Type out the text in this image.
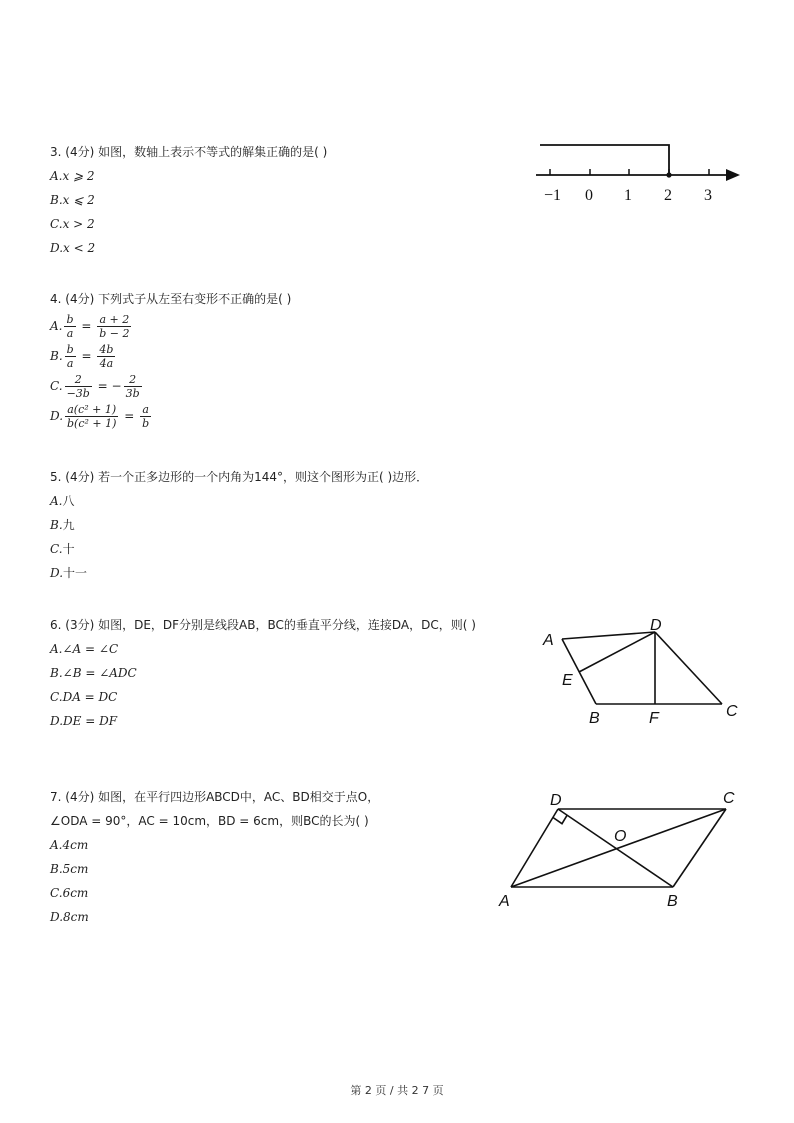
3. (4分) 如图，数轴上表示不等式的解集正确的是( )
A.x ⩾ 2
B.x ⩽ 2
C.x > 2
D.x < 2
−1 0 1 2 3
4. (4分) 下列式子从左至右变形不正确的是( )
A. $\frac{b}{a} = \frac{a + 2}{b - 2}$
B. $\frac{b}{a} = \frac{4b}{4a}$
C. $\frac{2}{-3b}$ = − $\frac{2}{3b}$
D. $\frac{\text{a(c² + 1)}}{\text{b(c² + 1)}} = \frac{a}{b}$
5. (4分) 若一个正多边形的一个内角为144°，则这个图形为正( )边形．
A.八
B.九
C.十
D.十一
6. (3分) 如图，DE，DF分别是线段AB，BC的垂直平分线，连接DA，DC，则( )
A.∠A = ∠C
B.∠B = ∠ADC
C.DA = DC
D.DE = DF
A
D
E
B	F	C
7. (4分) 如图，在平行四边形ABCD中，AC、BD相交于点O，
∠ODA = 90°，AC = 10cm，BD = 6cm，则BC的长为( )
A.4cm
B.5cm
C.6cm
D.8cm
D	C
O
A	B
第 2 页 / 共 2 7 页
